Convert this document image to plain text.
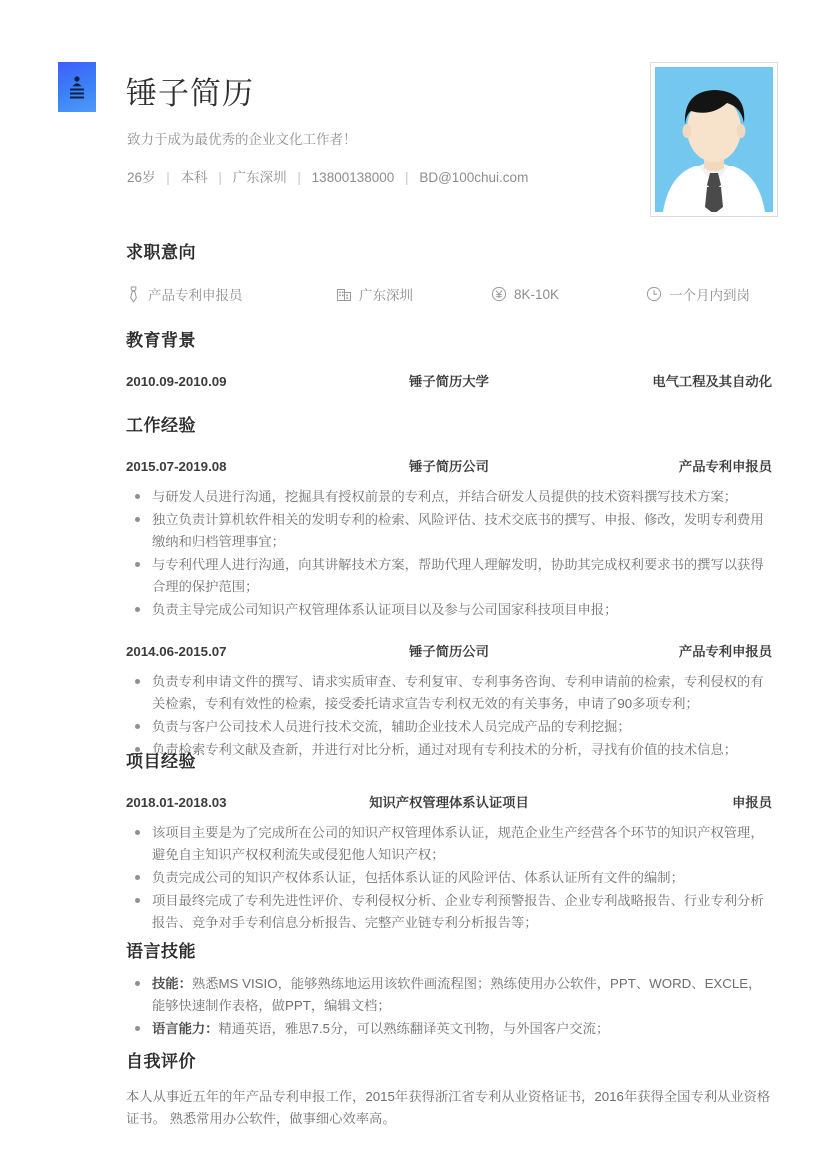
锤子简历
致力于成为最优秀的企业文化工作者！
26岁 | 本科 | 广东深圳 | 13800138000 | BD@100chui.com
求职意向
产品专利申报员	广东深圳	8K-10K	一个月内到岗
教育背景
2010.09-2010.09	锤子简历大学	电气工程及其自动化
工作经验
2015.07-2019.08	锤子简历公司	产品专利申报员
与研发人员进行沟通，挖掘具有授权前景的专利点，并结合研发人员提供的技术资料撰写技术方案；
独立负责计算机软件相关的发明专利的检索、风险评估、技术交底书的撰写、申报、修改，发明专利费用缴纳和归档管理事宜；
与专利代理人进行沟通，向其讲解技术方案，帮助代理人理解发明，协助其完成权利要求书的撰写以获得合理的保护范围；
负责主导完成公司知识产权管理体系认证项目以及参与公司国家科技项目申报；
2014.06-2015.07	锤子简历公司	产品专利申报员
负责专利申请文件的撰写、请求实质审查、专利复审、专利事务咨询、专利申请前的检索，专利侵权的有关检索，专利有效性的检索，接受委托请求宣告专利权无效的有关事务，申请了90多项专利；
负责与客户公司技术人员进行技术交流，辅助企业技术人员完成产品的专利挖掘；
负责检索专利文献及查新，并进行对比分析，通过对现有专利技术的分析，寻找有价值的技术信息；
项目经验
2018.01-2018.03	知识产权管理体系认证项目	申报员
该项目主要是为了完成所在公司的知识产权管理体系认证，规范企业生产经营各个环节的知识产权管理，避免自主知识产权权利流失或侵犯他人知识产权；
负责完成公司的知识产权体系认证，包括体系认证的风险评估、体系认证所有文件的编制；
项目最终完成了专利先进性评价、专利侵权分析、企业专利预警报告、企业专利战略报告、行业专利分析报告、竞争对手专利信息分析报告、完整产业链专利分析报告等；
语言技能
技能：熟悉MS VISIO，能够熟练地运用该软件画流程图；熟练使用办公软件，PPT、WORD、EXCLE，能够快速制作表格，做PPT，编辑文档；
语言能力：精通英语，雅思7.5分，可以熟练翻译英文刊物，与外国客户交流；
自我评价
本人从事近五年的年产品专利申报工作，2015年获得浙江省专利从业资格证书，2016年获得全国专利从业资格证书。 熟悉常用办公软件，做事细心效率高。
